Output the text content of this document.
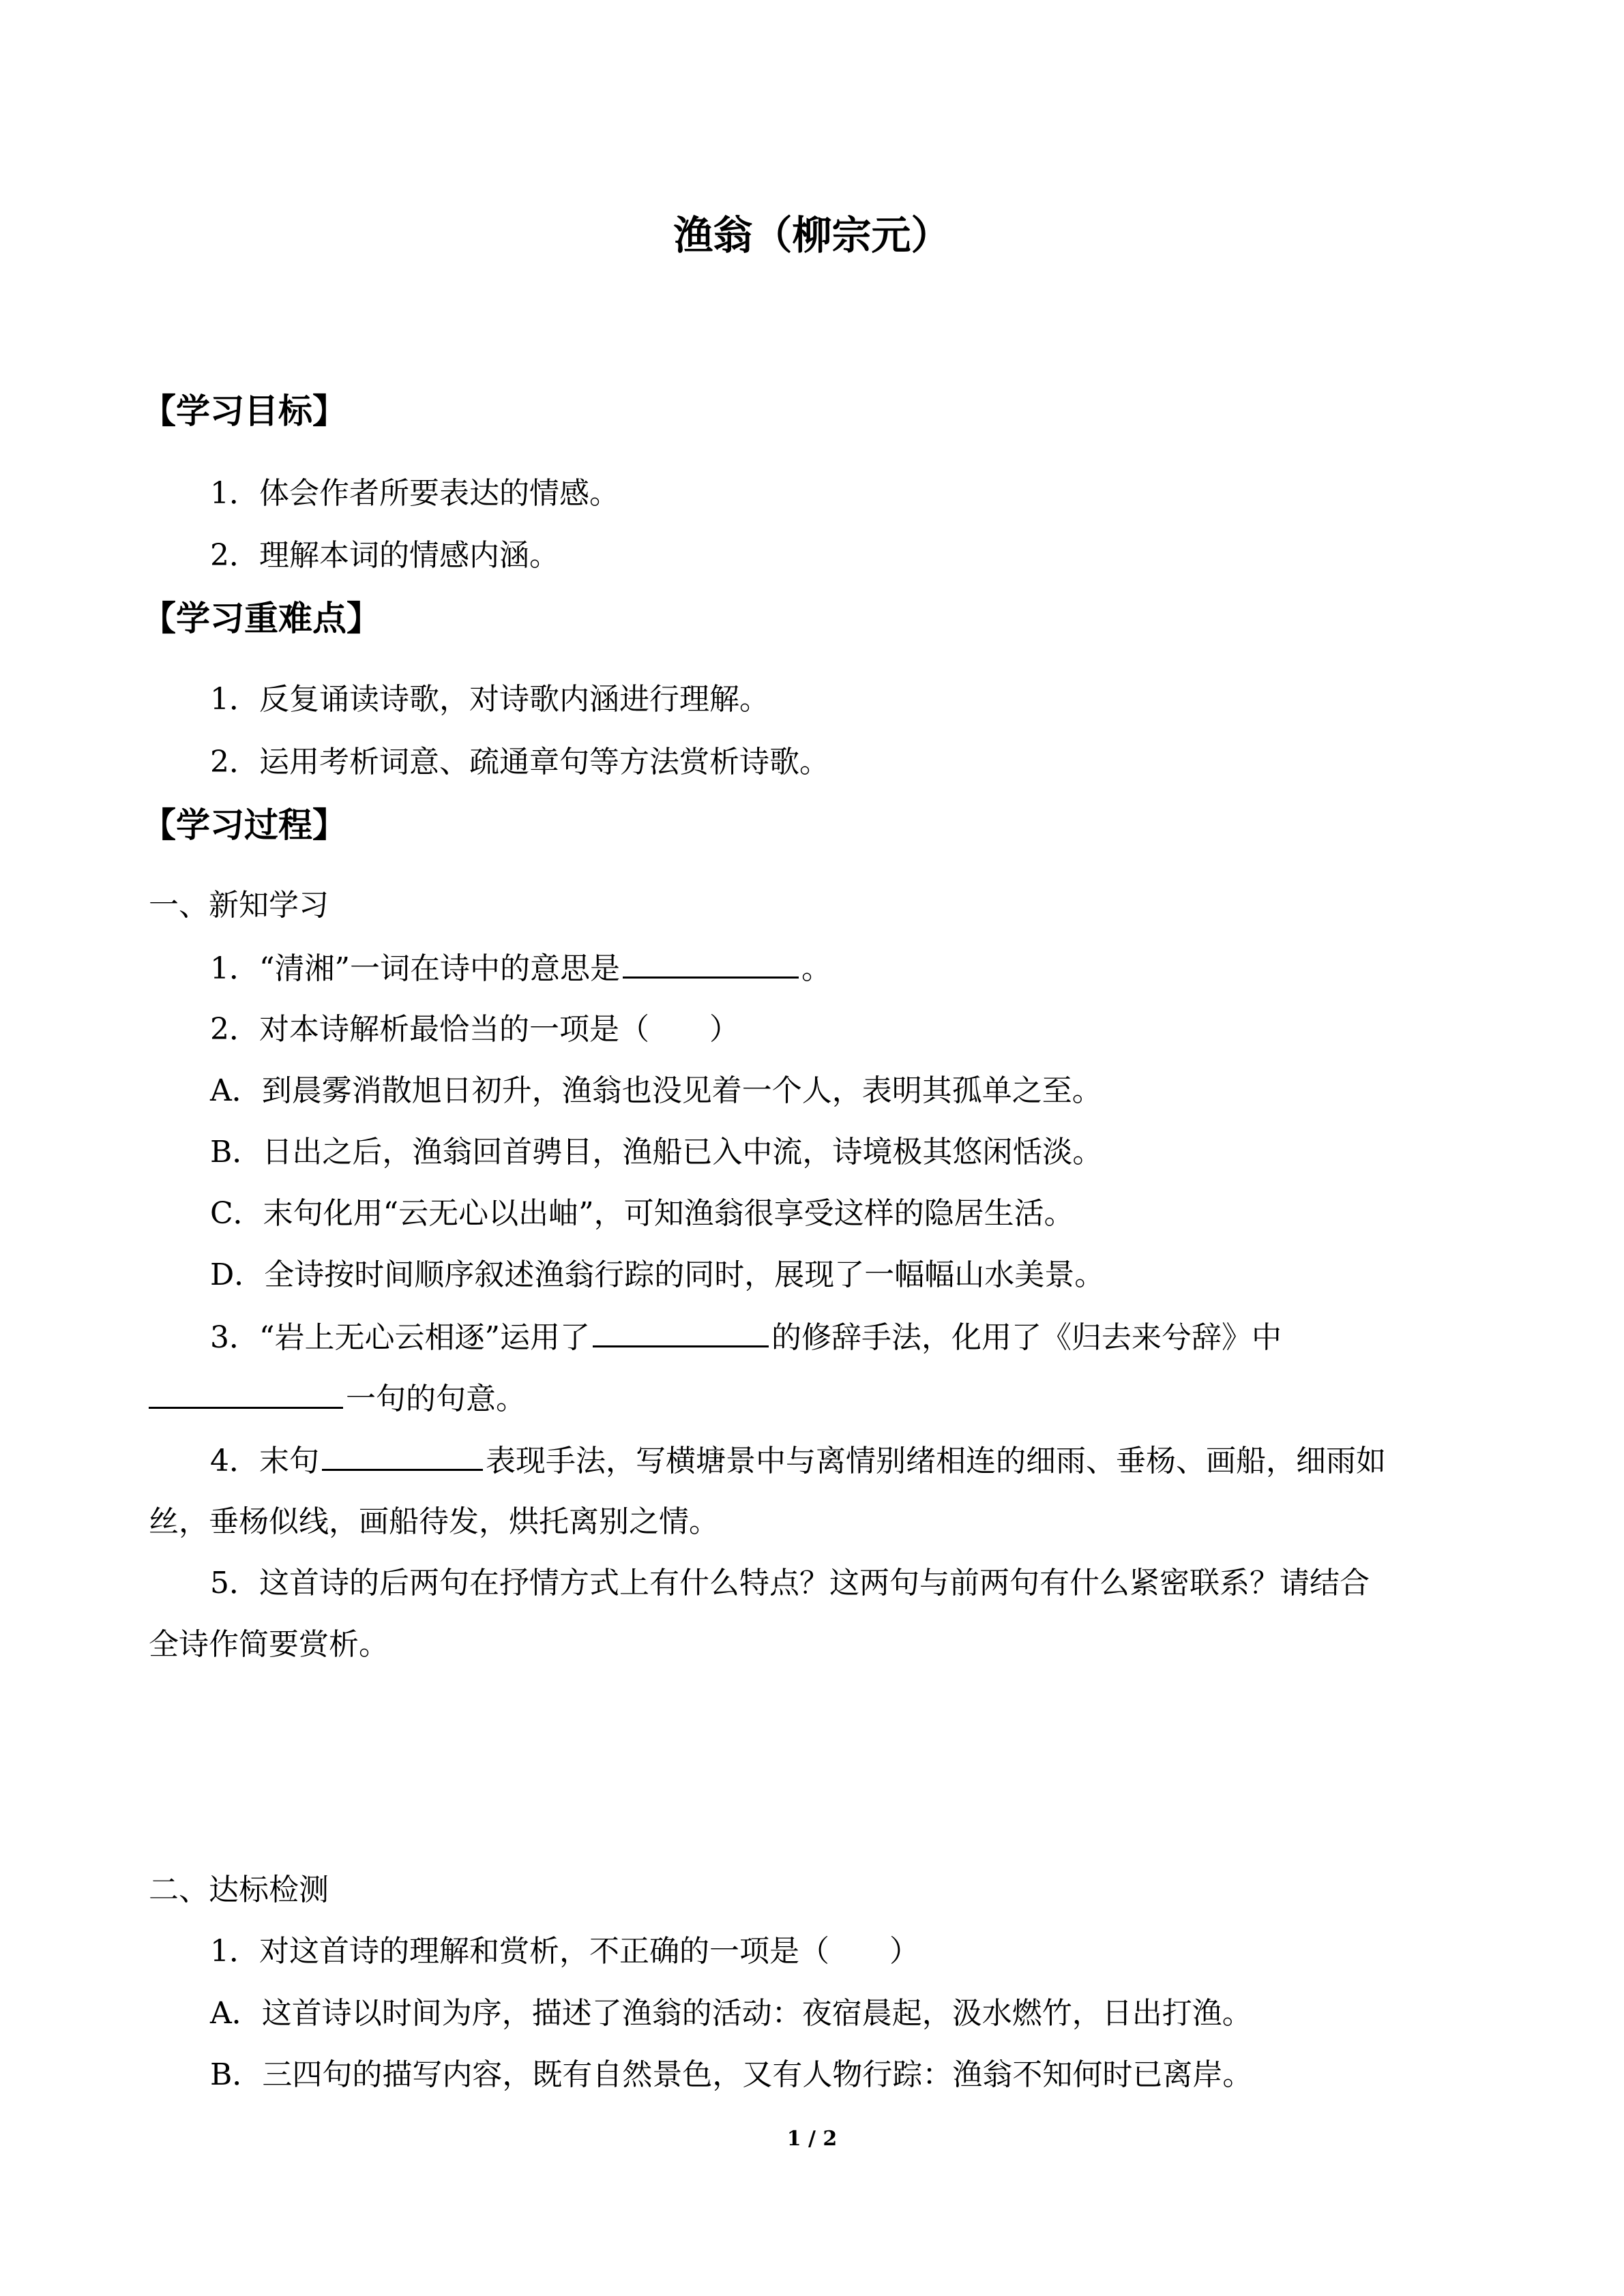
渔翁（柳宗元）
【学习目标】
1．体会作者所要表达的情感。
2．理解本词的情感内涵。
【学习重难点】
1．反复诵读诗歌，对诗歌内涵进行理解。
2．运用考析词意、疏通章句等方法赏析诗歌。
【学习过程】
一、新知学习
1．“清湘”一词在诗中的意思是	。
2．对本诗解析最恰当的一项是（　　）
A．到晨雾消散旭日初升，渔翁也没见着一个人，表明其孤单之至。
B．日出之后，渔翁回首骋目，渔船已入中流，诗境极其悠闲恬淡。
C．末句化用“云无心以出岫”，可知渔翁很享受这样的隐居生活。
D．全诗按时间顺序叙述渔翁行踪的同时，展现了一幅幅山水美景。
3．“岩上无心云相逐”运用了	的修辞手法，化用了《归去来兮辞》中
一句的句意。
4．末句	表现手法，写横塘景中与离情别绪相连的细雨、垂杨、画船，细雨如
丝，垂杨似线，画船待发，烘托离别之情。
5．这首诗的后两句在抒情方式上有什么特点？这两句与前两句有什么紧密联系？请结合
全诗作简要赏析。
二、达标检测
1．对这首诗的理解和赏析，不正确的一项是（　　）
A．这首诗以时间为序，描述了渔翁的活动：夜宿晨起，汲水燃竹，日出打渔。
B．三四句的描写内容，既有自然景色，又有人物行踪：渔翁不知何时已离岸。
1 / 2
